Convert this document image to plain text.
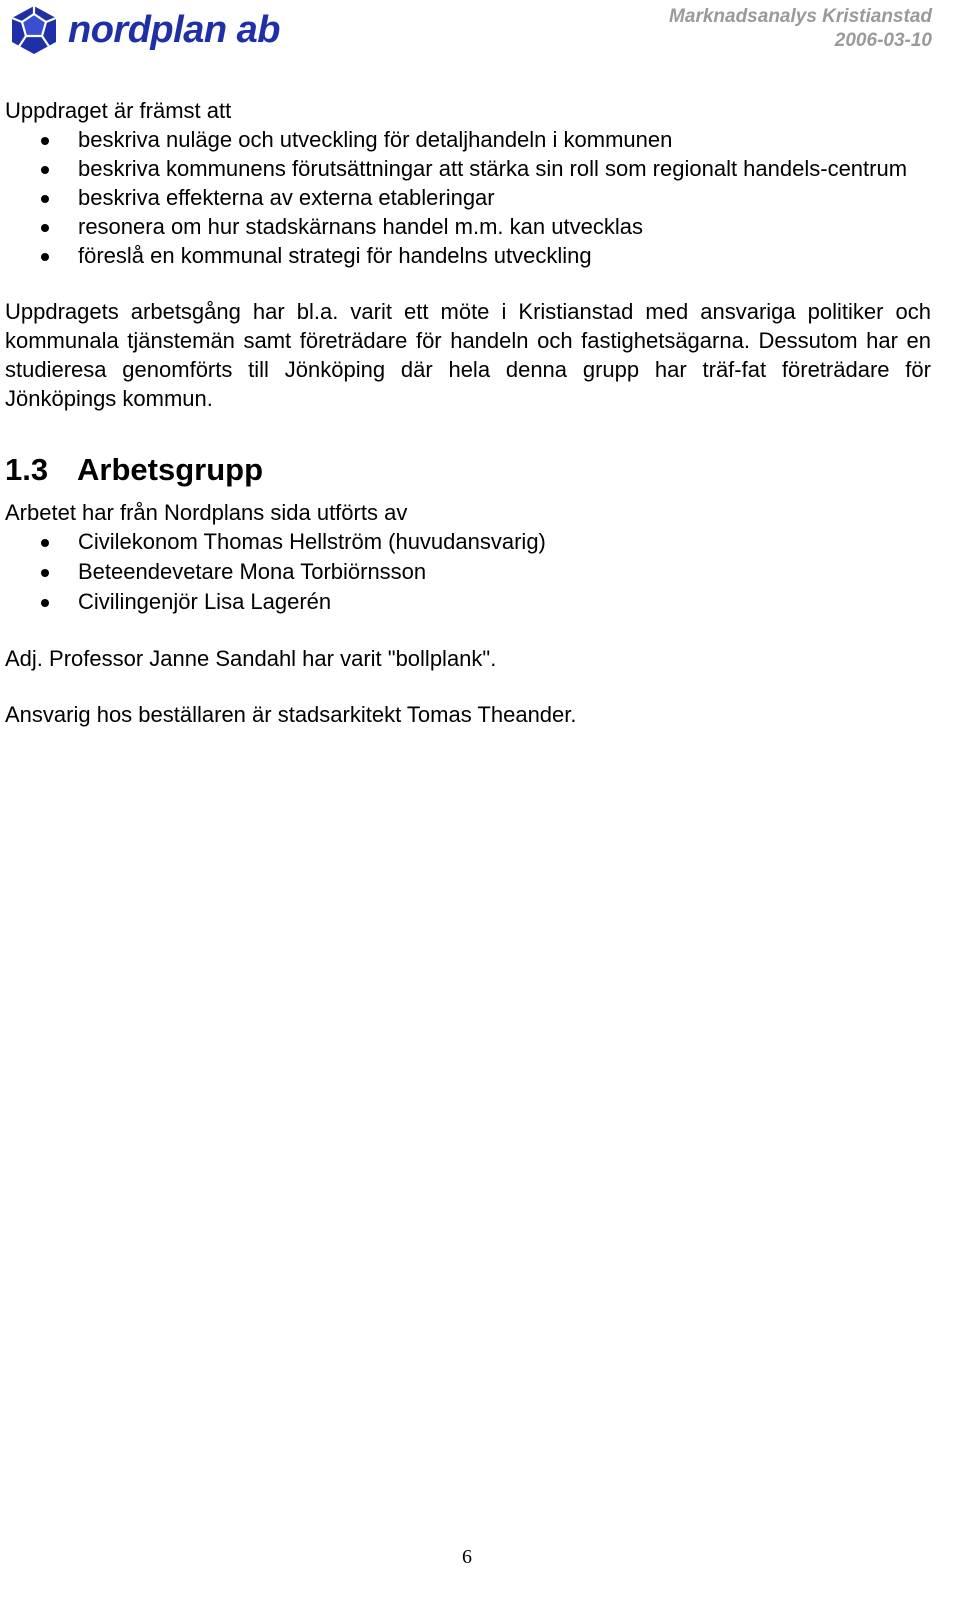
nordplan ab	Marknadsanalys Kristianstad
2006-03-10

Uppdraget är främst att

beskriva nuläge och utveckling för detaljhandeln i kommunen
beskriva kommunens förutsättningar att stärka sin roll som regionalt handels-centrum
beskriva effekterna av externa etableringar
resonera om hur stadskärnans handel m.m. kan utvecklas
föreslå en kommunal strategi för handelns utveckling

Uppdragets arbetsgång har bl.a. varit ett möte i Kristianstad med ansvariga politiker och kommunala tjänstemän samt företrädare för handeln och fastighetsägarna. Dessutom har en studieresa genomförts till Jönköping där hela denna grupp har träf-fat företrädare för Jönköpings kommun.

1.3 Arbetsgrupp

Arbetet har från Nordplans sida utförts av

Civilekonom Thomas Hellström (huvudansvarig)
Beteendevetare Mona Torbiörnsson
Civilingenjör Lisa Lagerén

Adj. Professor Janne Sandahl har varit "bollplank".

Ansvarig hos beställaren är stadsarkitekt Tomas Theander.

6
